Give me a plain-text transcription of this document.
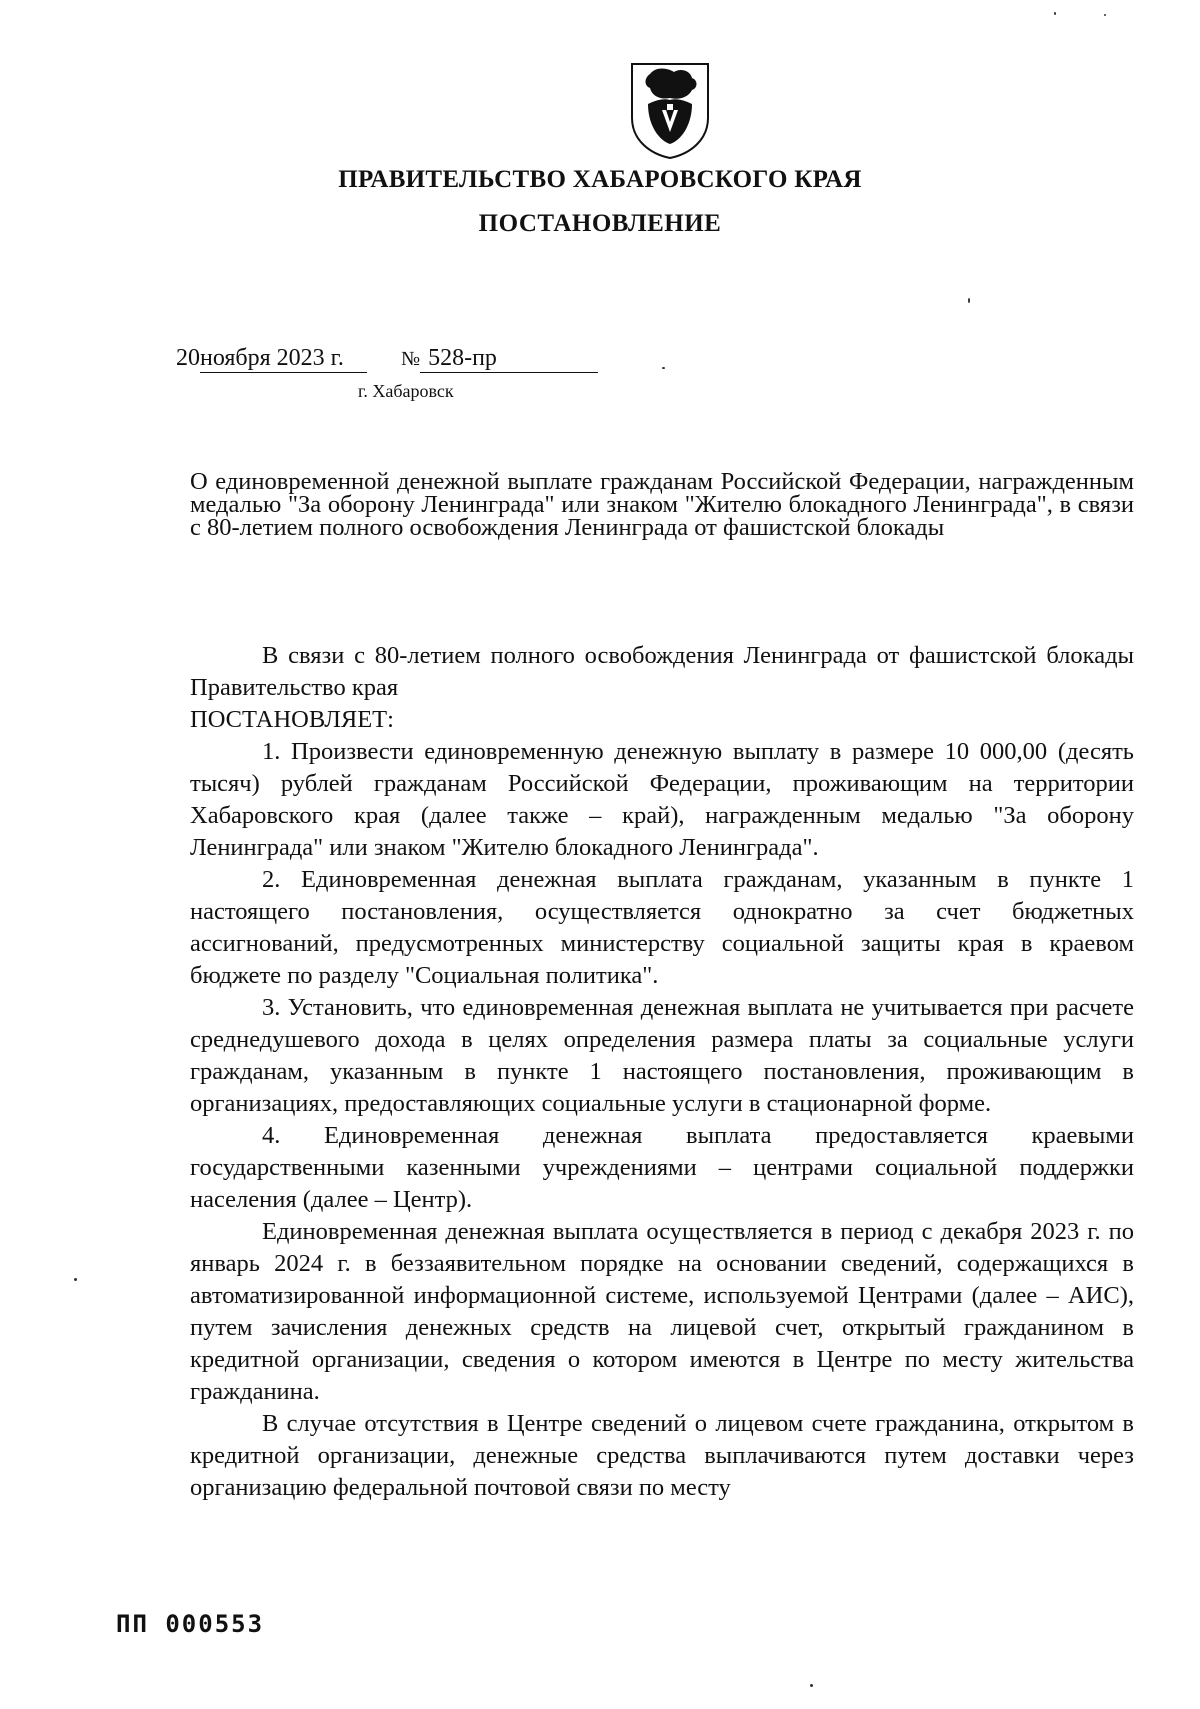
ПРАВИТЕЛЬСТВО ХАБАРОВСКОГО КРАЯ
ПОСТАНОВЛЕНИЕ
20ноября 2023 г.	№ 528-пр
г. Хабаровск
О единовременной денежной выплате гражданам Российской Федерации, награжденным медалью "За оборону Ленинграда" или знаком "Жителю блокадного Ленинграда", в связи с 80-летием полного освобождения Ленинграда от фашистской блокады

В связи с 80-летием полного освобождения Ленинграда от фашистской блокады Правительство края

ПОСТАНОВЛЯЕТ:

1. Произвести единовременную денежную выплату в размере 10 000,00 (десять тысяч) рублей гражданам Российской Федерации, проживающим на территории Хабаровского края (далее также – край), награжденным медалью "За оборону Ленинграда" или знаком "Жителю блокадного Ленинграда".

2. Единовременная денежная выплата гражданам, указанным в пункте 1 настоящего постановления, осуществляется однократно за счет бюджетных ассигнований, предусмотренных министерству социальной защиты края в краевом бюджете по разделу "Социальная политика".

3. Установить, что единовременная денежная выплата не учитывается при расчете среднедушевого дохода в целях определения размера платы за социальные услуги гражданам, указанным в пункте 1 настоящего постановления, проживающим в организациях, предоставляющих социальные услуги в стационарной форме.

4. Единовременная денежная выплата предоставляется краевыми государственными казенными учреждениями – центрами социальной поддержки населения (далее – Центр).

Единовременная денежная выплата осуществляется в период с декабря 2023 г. по январь 2024 г. в беззаявительном порядке на основании сведений, содержащихся в автоматизированной информационной системе, используемой Центрами (далее – АИС), путем зачисления денежных средств на лицевой счет, открытый гражданином в кредитной организации, сведения о котором имеются в Центре по месту жительства гражданина.

В случае отсутствия в Центре сведений о лицевом счете гражданина, открытом в кредитной организации, денежные средства выплачиваются путем доставки через организацию федеральной почтовой связи по месту

ПП 000553
